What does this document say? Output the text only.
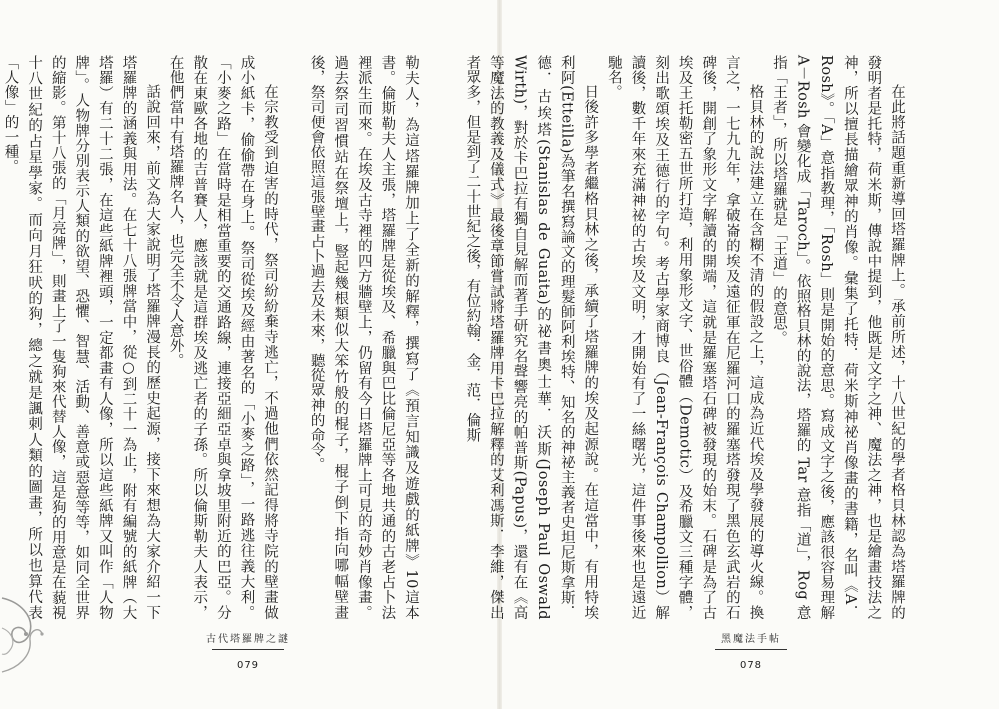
勒夫人，為這塔羅牌加上了全新的解釋，撰寫了《預言知識及遊戲的紙牌》10這本書。倫斯勒夫人主張，塔羅牌是從埃及、希臘與巴比倫尼亞等各地共通的古老占卜法裡派生而來。在埃及古寺裡的四方牆壁上，仍留有今日塔羅牌上可見的奇妙肖像畫。過去祭司習慣站在祭壇上，豎起幾根類似大笨竹般的棍子，棍子倒下指向哪幅壁畫後，祭司便會依照這張壁畫占卜過去及未來，聽從眾神的命令。

在宗教受到迫害的時代，祭司紛紛棄寺逃亡，不過他們依然記得將寺院的壁畫做成小紙卡，偷偷帶在身上。祭司從埃及經由著名的「小麥之路」，一路逃往義大利。「小麥之路」在當時是相當重要的交通路線，連接亞細亞卓與拿坡里附近的巴亞。分散在東歐各地的吉普賽人，應該就是這群埃及逃亡者的子孫。所以倫斯勒夫人表示，在他們當中有塔羅牌名人，也完全不令人意外。

話說回來，前文為大家說明了塔羅牌漫長的歷史起源，接下來想為大家介紹一下塔羅牌的涵義與用法。在七十八張牌當中，從○到二十一為止，附有編號的紙牌（大塔羅）有二十二張，在這些紙牌裡頭，一定都畫有人像，所以這些紙牌又叫作「人物牌」。人物牌分別表示人類的欲望、恐懼、智慧、活動、善意或惡意等等，如同全世界的縮影。第十八張的「月亮牌」，則畫上了一隻狗來代替人像，這是狗的用意是在藐視十八世紀的占星學家。而向月狂吠的狗，總之就是諷刺人類的圖畫，所以也算代表「人像」的一種。

古代塔羅牌之謎
079

在此將話題重新導回塔羅牌上。承前所述，十八世紀的學者格貝林認為塔羅牌的發明者是托特，荷米斯，傳說中提到，他既是文字之神、魔法之神，也是繪畫技法之神，所以擅長描繪眾神的肖像。彙集了托特．荷米斯神祕肖像畫的書籍，名叫《A．Rosh》。「A」意指教理，「Rosh」則是開始的意思。寫成文字之後，應該很容易理解 A－Rosh 會變化成「Taroch」。依照格貝林的說法，塔羅的 Tar 意指「道」，Rog 意指「王者」，所以塔羅就是「王道」的意思。

格貝林的說法建立在含糊不清的假設之上，這成為近代埃及學發展的導火線。換言之，一七九九年，拿破崙的埃及遠征軍在尼羅河口的羅塞塔發現了黑色玄武岩的石碑後，開創了象形文字解讀的開端，這就是羅塞塔石碑被發現的始末。石碑是為了古埃及王托勒密五世所打造，利用象形文字、世俗體（Demotic）及希臘文三種字體，刻出歌頌埃及王德行的字句。考古學家商博良（Jean-François Champollion）解讀後，數千年來充滿神祕的古埃及文明，才開始有了一絲曙光，這件事後來也是遠近馳名。

日後許多學者繼格貝林之後，承續了塔羅牌的埃及起源說。在這當中，有用特埃利阿(Etteilla)為筆名撰寫論文的理髮師阿利埃特、知名的神祕主義者史坦尼斯拿斯．德．古埃塔(Stanislas de Guaita)的祕書奧士華．沃斯(Joseph Paul Oswald Wirth)，對於卡巴拉有獨自見解而著手研究名聲響亮的帕普斯(Papus)，還有在《高等魔法的教義及儀式》最後章節嘗試將塔羅牌用卡巴拉解釋的艾利馮斯．李維，傑出者眾多，但是到了二十世紀之後，有位約翰．金．范．倫斯

黑魔法手帖
078
